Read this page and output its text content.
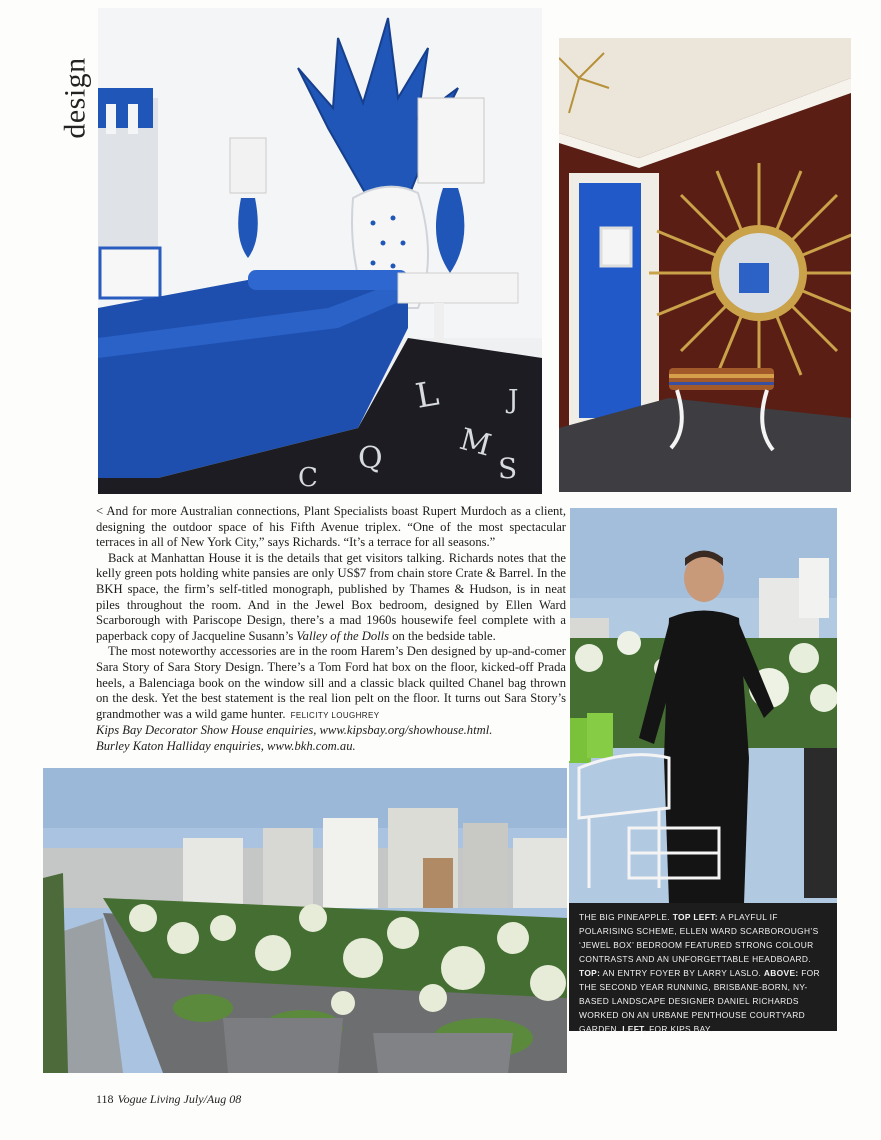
design
L
M
Q	S
C
J

< And for more Australian connections, Plant Specialists boast Rupert Murdoch as a client, designing the outdoor space of his Fifth Avenue triplex. “One of the most spectacular terraces in all of New York City,” says Richards. “It’s a terrace for all seasons.”

Back at Manhattan House it is the details that get visitors talking. Richards notes that the kelly green pots holding white pansies are only US$7 from chain store Crate & Barrel. In the BKH space, the firm’s self-titled monograph, published by Thames & Hudson, is in neat piles throughout the room. And in the Jewel Box bedroom, designed by Ellen Ward Scarborough with Pariscope Design, there’s a mad 1960s housewife feel complete with a paperback copy of Jacqueline Susann’s Valley of the Dolls on the bedside table.

The most noteworthy accessories are in the room Harem’s Den designed by up-and-comer Sara Story of Sara Story Design. There’s a Tom Ford hat box on the floor, kicked-off Prada heels, a Balenciaga book on the window sill and a classic black quilted Chanel bag thrown on the desk. Yet the best statement is the real lion pelt on the floor. It turns out Sara Story’s grandmother was a wild game hunter. FELICITY LOUGHREY

Kips Bay Decorator Show House enquiries, www.kipsbay.org/showhouse.html.

Burley Katon Halliday enquiries, www.bkh.com.au.

THE BIG PINEAPPLE. TOP LEFT: A PLAYFUL IF POLARISING SCHEME, ELLEN WARD SCARBOROUGH’S ‘JEWEL BOX’ BEDROOM FEATURED STRONG COLOUR CONTRASTS AND AN UNFORGETTABLE HEADBOARD. TOP: AN ENTRY FOYER BY LARRY LASLO. ABOVE: FOR THE SECOND YEAR RUNNING, BRISBANE-BORN, NY-BASED LANDSCAPE DESIGNER DANIEL RICHARDS WORKED ON AN URBANE PENTHOUSE COURTYARD GARDEN, LEFT, FOR KIPS BAY.
118 Vogue Living July/Aug 08
